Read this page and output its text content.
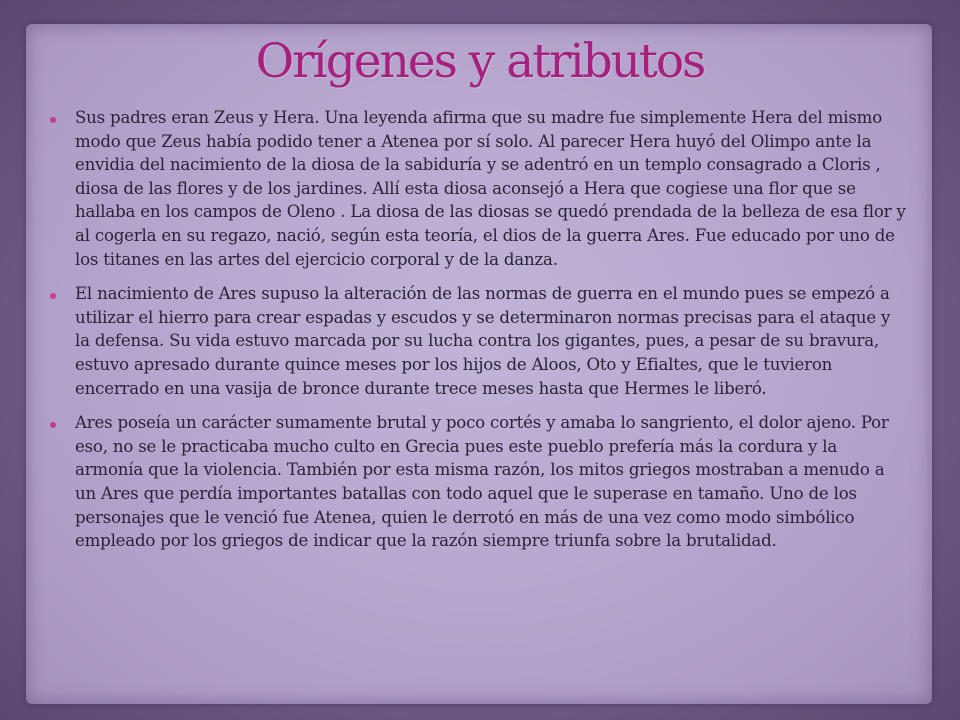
Orígenes y atributos
Sus padres eran Zeus y Hera. Una leyenda afirma que su madre fue simplemente Hera del mismo modo que Zeus había podido tener a Atenea por sí solo. Al parecer Hera huyó del Olimpo ante la envidia del nacimiento de la diosa de la sabiduría y se adentró en un templo consagrado a Cloris , diosa de las flores y de los jardines. Allí esta diosa aconsejó a Hera que cogiese una flor que se hallaba en los campos de Oleno . La diosa de las diosas se quedó prendada de la belleza de esa flor y al cogerla en su regazo, nació, según esta teoría, el dios de la guerra Ares. Fue educado por uno de los titanes en las artes del ejercicio corporal y de la danza.
El nacimiento de Ares supuso la alteración de las normas de guerra en el mundo pues se empezó a utilizar el hierro para crear espadas y escudos y se determinaron normas precisas para el ataque y la defensa. Su vida estuvo marcada por su lucha contra los gigantes, pues, a pesar de su bravura, estuvo apresado durante quince meses por los hijos de Aloos, Oto y Efialtes, que le tuvieron encerrado en una vasija de bronce durante trece meses hasta que Hermes le liberó.
Ares poseía un carácter sumamente brutal y poco cortés y amaba lo sangriento, el dolor ajeno. Por eso, no se le practicaba mucho culto en Grecia pues este pueblo prefería más la cordura y la armonía que la violencia. También por esta misma razón, los mitos griegos mostraban a menudo a un Ares que perdía importantes batallas con todo aquel que le superase en tamaño. Uno de los personajes que le venció fue Atenea, quien le derrotó en más de una vez como modo simbólico empleado por los griegos de indicar que la razón siempre triunfa sobre la brutalidad.
